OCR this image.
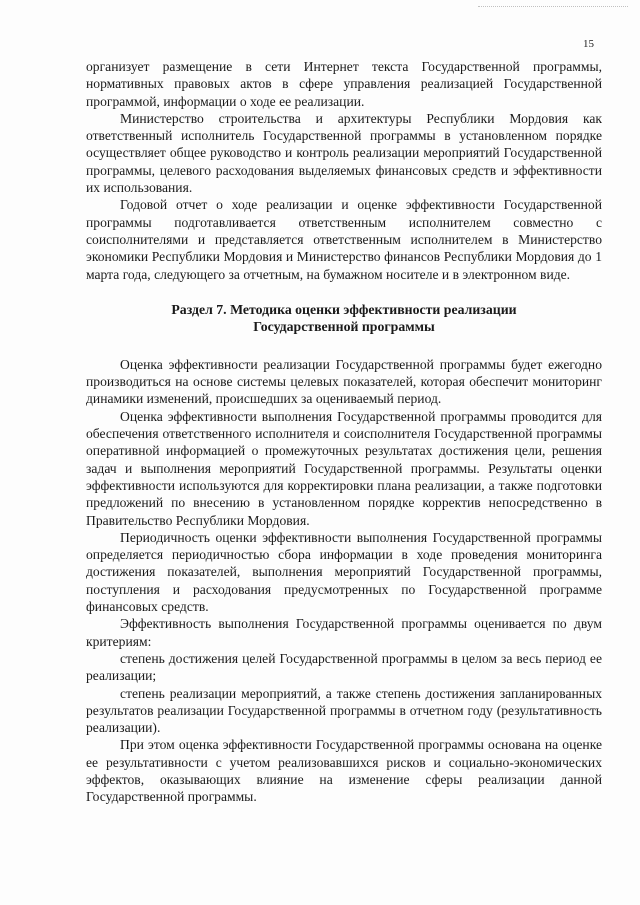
15

организует размещение в сети Интернет текста Государственной программы, нормативных правовых актов в сфере управления реализацией Государственной программой, информации о ходе ее реализации.

Министерство строительства и архитектуры Республики Мордовия как ответственный исполнитель Государственной программы в установленном порядке осуществляет общее руководство и контроль реализации мероприятий Государственной программы, целевого расходования выделяемых финансовых средств и эффективности их использования.

Годовой отчет о ходе реализации и оценке эффективности Государственной программы подготавливается ответственным исполнителем совместно с соисполнителями и представляется ответственным исполнителем в Министерство экономики Республики Мордовия и Министерство финансов Республики Мордовия до 1 марта года, следующего за отчетным, на бумажном носителе и в электронном виде.

Раздел 7. Методика оценки эффективности реализации
Государственной программы

Оценка эффективности реализации Государственной программы будет ежегодно производиться на основе системы целевых показателей, которая обеспечит мониторинг динамики изменений, происшедших за оцениваемый период.

Оценка эффективности выполнения Государственной программы проводится для обеспечения ответственного исполнителя и соисполнителя Государственной программы оперативной информацией о промежуточных результатах достижения цели, решения задач и выполнения мероприятий Государственной программы. Результаты оценки эффективности используются для корректировки плана реализации, а также подготовки предложений по внесению в установленном порядке корректив непосредственно в Правительство Республики Мордовия.

Периодичность оценки эффективности выполнения Государственной программы определяется периодичностью сбора информации в ходе проведения мониторинга достижения показателей, выполнения мероприятий Государственной программы, поступления и расходования предусмотренных по Государственной программе финансовых средств.

Эффективность выполнения Государственной программы оценивается по двум критериям:

степень достижения целей Государственной программы в целом за весь период ее реализации;

степень реализации мероприятий, а также степень достижения запланированных результатов реализации Государственной программы в отчетном году (результативность реализации).

При этом оценка эффективности Государственной программы основана на оценке ее результативности с учетом реализовавшихся рисков и социально-экономических эффектов, оказывающих влияние на изменение сферы реализации данной Государственной программы.
